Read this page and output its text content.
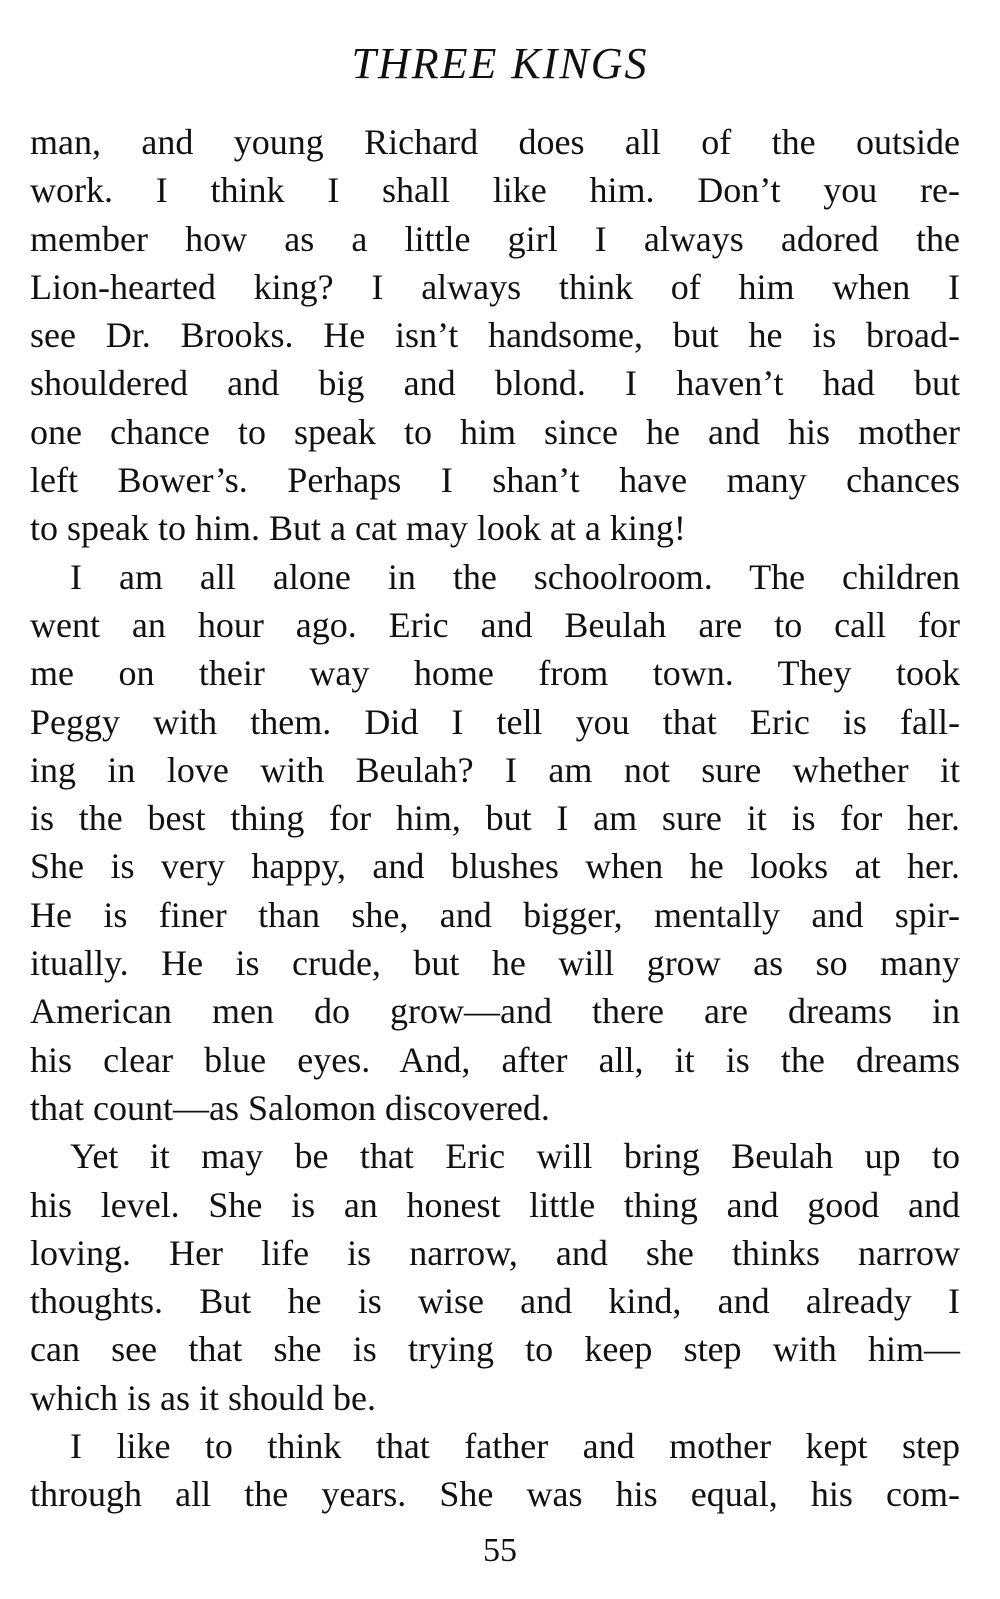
THREE KINGS
man, and young Richard does all of the outside
work. I think I shall like him. Don’t you re-
member how as a little girl I always adored the
Lion-hearted king? I always think of him when I
see Dr. Brooks. He isn’t handsome, but he is broad-
shouldered and big and blond. I haven’t had but
one chance to speak to him since he and his mother
left Bower’s. Perhaps I shan’t have many chances
to speak to him. But a cat may look at a king!
I am all alone in the schoolroom. The children
went an hour ago. Eric and Beulah are to call for
me on their way home from town. They took
Peggy with them. Did I tell you that Eric is fall-
ing in love with Beulah? I am not sure whether it
is the best thing for him, but I am sure it is for her.
She is very happy, and blushes when he looks at her.
He is finer than she, and bigger, mentally and spir-
itually. He is crude, but he will grow as so many
American men do grow—and there are dreams in
his clear blue eyes. And, after all, it is the dreams
that count—as Salomon discovered.
Yet it may be that Eric will bring Beulah up to
his level. She is an honest little thing and good and
loving. Her life is narrow, and she thinks narrow
thoughts. But he is wise and kind, and already I
can see that she is trying to keep step with him—
which is as it should be.
I like to think that father and mother kept step
through all the years. She was his equal, his com-
55
